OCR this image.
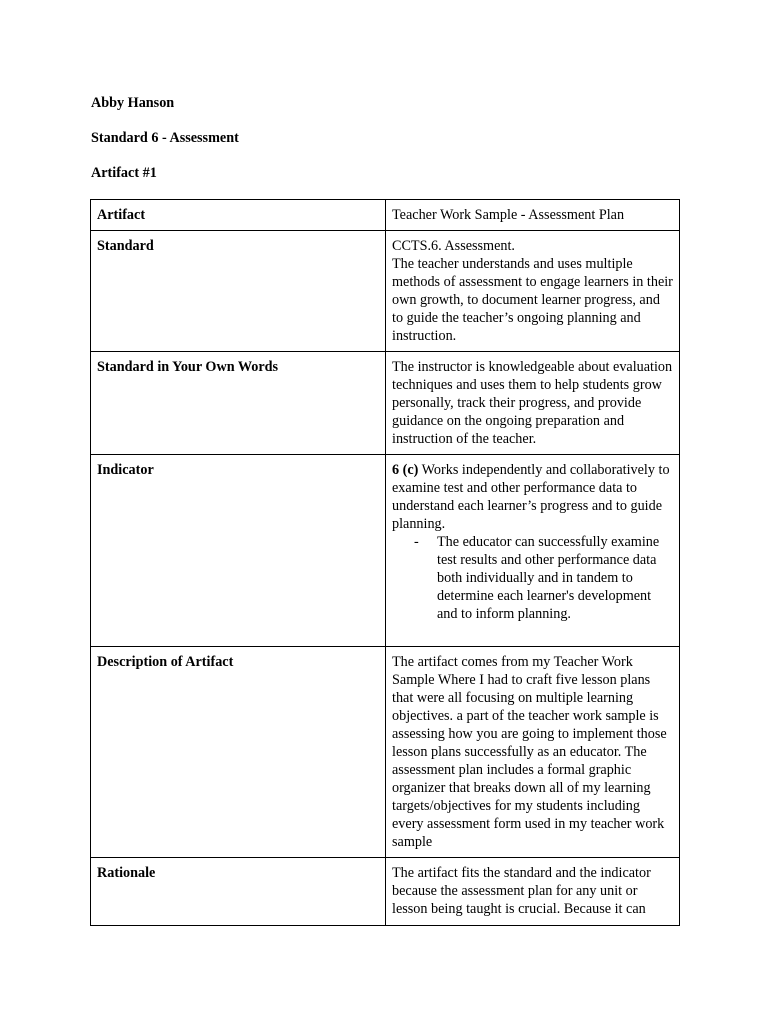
Abby Hanson
Standard 6 - Assessment
Artifact #1
Artifact	Teacher Work Sample - Assessment Plan
Standard	CCTS.6. Assessment.
The teacher understands and uses multiple methods of assessment to engage learners in their own growth, to document learner progress, and to guide the teacher’s ongoing planning and instruction.

Standard in Your Own Words	The instructor is knowledgeable about evaluation techniques and uses them to help students grow personally, track their progress, and provide guidance on the ongoing preparation and instruction of the teacher.
Indicator	6 (c) Works independently and collaboratively to examine test and other performance data to understand each learner’s progress and to guide planning.
- The educator can successfully examine test results and other performance data both individually and in tandem to determine each learner's development and to inform planning.

Description of Artifact	The artifact comes from my Teacher Work Sample Where I had to craft five lesson plans that were all focusing on multiple learning objectives. a part of the teacher work sample is assessing how you are going to implement those lesson plans successfully as an educator. The assessment plan includes a formal graphic organizer that breaks down all of my learning targets/objectives for my students including every assessment form used in my teacher work sample
Rationale	The artifact fits the standard and the indicator because the assessment plan for any unit or lesson being taught is crucial. Because it can
